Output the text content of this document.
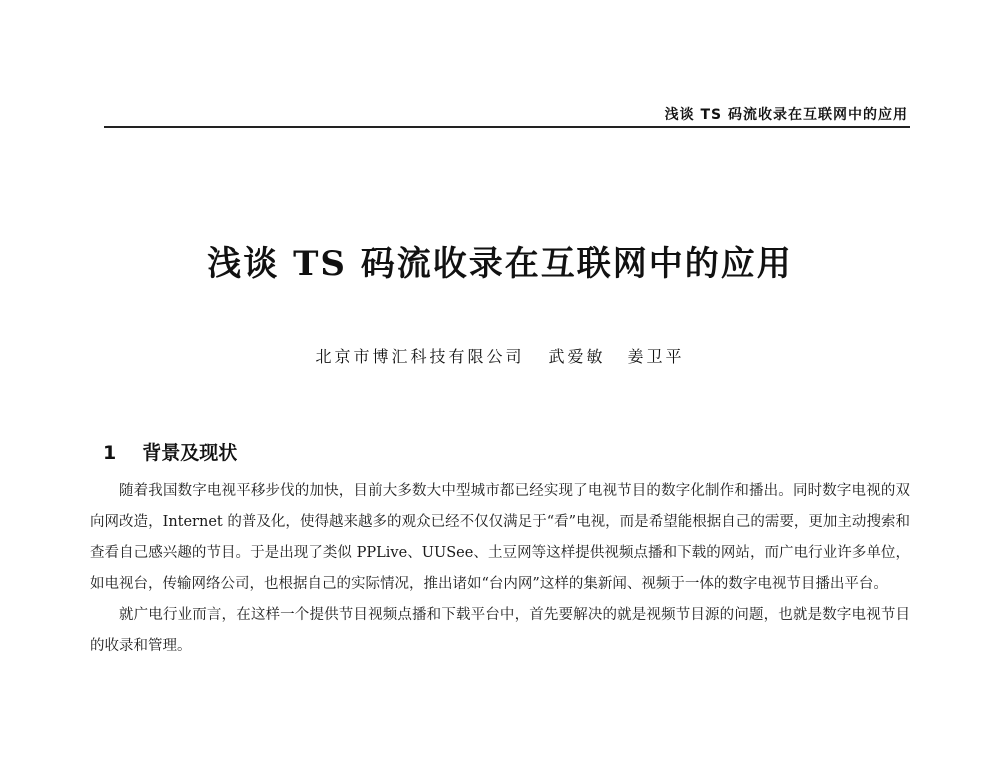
浅谈 TS 码流收录在互联网中的应用
浅谈 TS 码流收录在互联网中的应用
北京市博汇科技有限公司 武爱敏 姜卫平
1 背景及现状

随着我国数字电视平移步伐的加快，目前大多数大中型城市都已经实现了电视节目的数字化制作和播出。同时数字电视的双向网改造，Internet 的普及化，使得越来越多的观众已经不仅仅满足于“看”电视，而是希望能根据自己的需要，更加主动搜索和查看自己感兴趣的节目。于是出现了类似 PPLive、UUSee、土豆网等这样提供视频点播和下载的网站，而广电行业许多单位，如电视台，传输网络公司，也根据自己的实际情况，推出诸如“台内网”这样的集新闻、视频于一体的数字电视节目播出平台。

就广电行业而言，在这样一个提供节目视频点播和下载平台中，首先要解决的就是视频节目源的问题，也就是数字电视节目的收录和管理。
